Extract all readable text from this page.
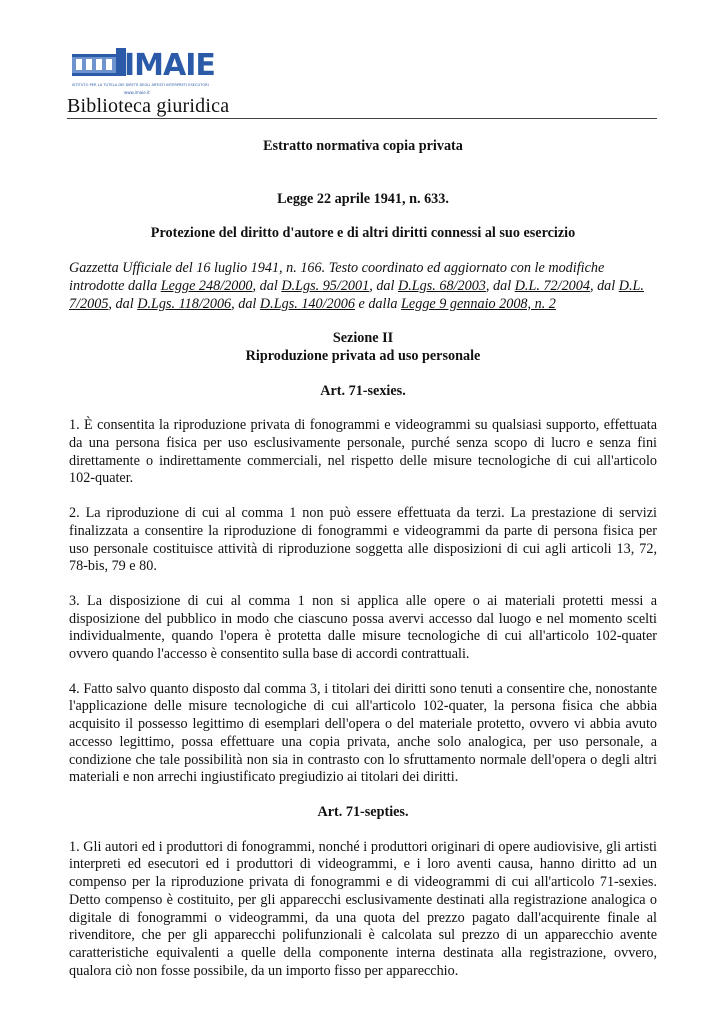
IMAIE
ISTITUTO PER LA TUTELA DEI DIRITTI DEGLI ARTISTI INTERPRETI ESECUTORI
www.imaie.it
Biblioteca giuridica

Estratto normativa copia privata

Legge 22 aprile 1941, n. 633.

Protezione del diritto d'autore e di altri diritti connessi al suo esercizio

Gazzetta Ufficiale del 16 luglio 1941, n. 166. Testo coordinato ed aggiornato con le modifiche introdotte dalla Legge 248/2000, dal D.Lgs. 95/2001, dal D.Lgs. 68/2003, dal D.L. 72/2004, dal D.L. 7/2005, dal D.Lgs. 118/2006, dal D.Lgs. 140/2006 e dalla Legge 9 gennaio 2008, n. 2

Sezione II

Riproduzione privata ad uso personale

Art. 71-sexies.

1. È consentita la riproduzione privata di fonogrammi e videogrammi su qualsiasi supporto, effettuata da una persona fisica per uso esclusivamente personale, purché senza scopo di lucro e senza fini direttamente o indirettamente commerciali, nel rispetto delle misure tecnologiche di cui all'articolo 102-quater.

2. La riproduzione di cui al comma 1 non può essere effettuata da terzi. La prestazione di servizi finalizzata a consentire la riproduzione di fonogrammi e videogrammi da parte di persona fisica per uso personale costituisce attività di riproduzione soggetta alle disposizioni di cui agli articoli 13, 72, 78-bis, 79 e 80.

3. La disposizione di cui al comma 1 non si applica alle opere o ai materiali protetti messi a disposizione del pubblico in modo che ciascuno possa avervi accesso dal luogo e nel momento scelti individualmente, quando l'opera è protetta dalle misure tecnologiche di cui all'articolo 102-quater ovvero quando l'accesso è consentito sulla base di accordi contrattuali.

4. Fatto salvo quanto disposto dal comma 3, i titolari dei diritti sono tenuti a consentire che, nonostante l'applicazione delle misure tecnologiche di cui all'articolo 102-quater, la persona fisica che abbia acquisito il possesso legittimo di esemplari dell'opera o del materiale protetto, ovvero vi abbia avuto accesso legittimo, possa effettuare una copia privata, anche solo analogica, per uso personale, a condizione che tale possibilità non sia in contrasto con lo sfruttamento normale dell'opera o degli altri materiali e non arrechi ingiustificato pregiudizio ai titolari dei diritti.

Art. 71-septies.

1. Gli autori ed i produttori di fonogrammi, nonché i produttori originari di opere audiovisive, gli artisti interpreti ed esecutori ed i produttori di videogrammi, e i loro aventi causa, hanno diritto ad un compenso per la riproduzione privata di fonogrammi e di videogrammi di cui all'articolo 71-sexies. Detto compenso è costituito, per gli apparecchi esclusivamente destinati alla registrazione analogica o digitale di fonogrammi o videogrammi, da una quota del prezzo pagato dall'acquirente finale al rivenditore, che per gli apparecchi polifunzionali è calcolata sul prezzo di un apparecchio avente caratteristiche equivalenti a quelle della componente interna destinata alla registrazione, ovvero, qualora ciò non fosse possibile, da un importo fisso per apparecchio.
